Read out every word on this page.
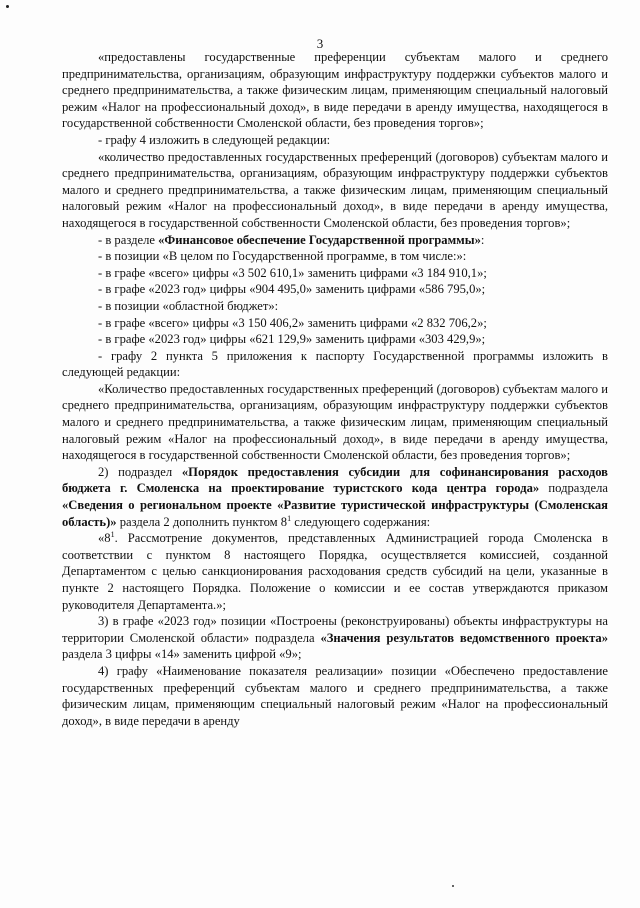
3

«предоставлены государственные преференции субъектам малого и среднего предпринимательства, организациям, образующим инфраструктуру поддержки субъектов малого и среднего предпринимательства, а также физическим лицам, применяющим специальный налоговый режим «Налог на профессиональный доход», в виде передачи в аренду имущества, находящегося в государственной собственности Смоленской области, без проведения торгов»;

- графу 4 изложить в следующей редакции:

«количество предоставленных государственных преференций (договоров) субъектам малого и среднего предпринимательства, организациям, образующим инфраструктуру поддержки субъектов малого и среднего предпринимательства, а также физическим лицам, применяющим специальный налоговый режим «Налог на профессиональный доход», в виде передачи в аренду имущества, находящегося в государственной собственности Смоленской области, без проведения торгов»;

- в разделе «Финансовое обеспечение Государственной программы»:

- в позиции «В целом по Государственной программе, в том числе:»:

- в графе «всего» цифры «3 502 610,1» заменить цифрами «3 184 910,1»;

- в графе «2023 год» цифры «904 495,0» заменить цифрами «586 795,0»;

- в позиции «областной бюджет»:

- в графе «всего» цифры «3 150 406,2» заменить цифрами «2 832 706,2»;

- в графе «2023 год» цифры «621 129,9» заменить цифрами «303 429,9»;

- графу 2 пункта 5 приложения к паспорту Государственной программы изложить в следующей редакции:

«Количество предоставленных государственных преференций (договоров) субъектам малого и среднего предпринимательства, организациям, образующим инфраструктуру поддержки субъектов малого и среднего предпринимательства, а также физическим лицам, применяющим специальный налоговый режим «Налог на профессиональный доход», в виде передачи в аренду имущества, находящегося в государственной собственности Смоленской области, без проведения торгов»;

2) подраздел «Порядок предоставления субсидии для софинансирования расходов бюджета г. Смоленска на проектирование туристского кода центра города» подраздела «Сведения о региональном проекте «Развитие туристической инфраструктуры (Смоленская область)» раздела 2 дополнить пунктом $8^1$ следующего содержания:

«$8^1$. Рассмотрение документов, представленных Администрацией города Смоленска в соответствии с пунктом 8 настоящего Порядка, осуществляется комиссией, созданной Департаментом с целью санкционирования расходования средств субсидий на цели, указанные в пункте 2 настоящего Порядка. Положение о комиссии и ее состав утверждаются приказом руководителя Департамента.»;

3) в графе «2023 год» позиции «Построены (реконструированы) объекты инфраструктуры на территории Смоленской области» подраздела «Значения результатов ведомственного проекта» раздела 3 цифры «14» заменить цифрой «9»;

4) графу «Наименование показателя реализации» позиции «Обеспечено предоставление государственных преференций субъектам малого и среднего предпринимательства, а также физическим лицам, применяющим специальный налоговый режим «Налог на профессиональный доход», в виде передачи в аренду
